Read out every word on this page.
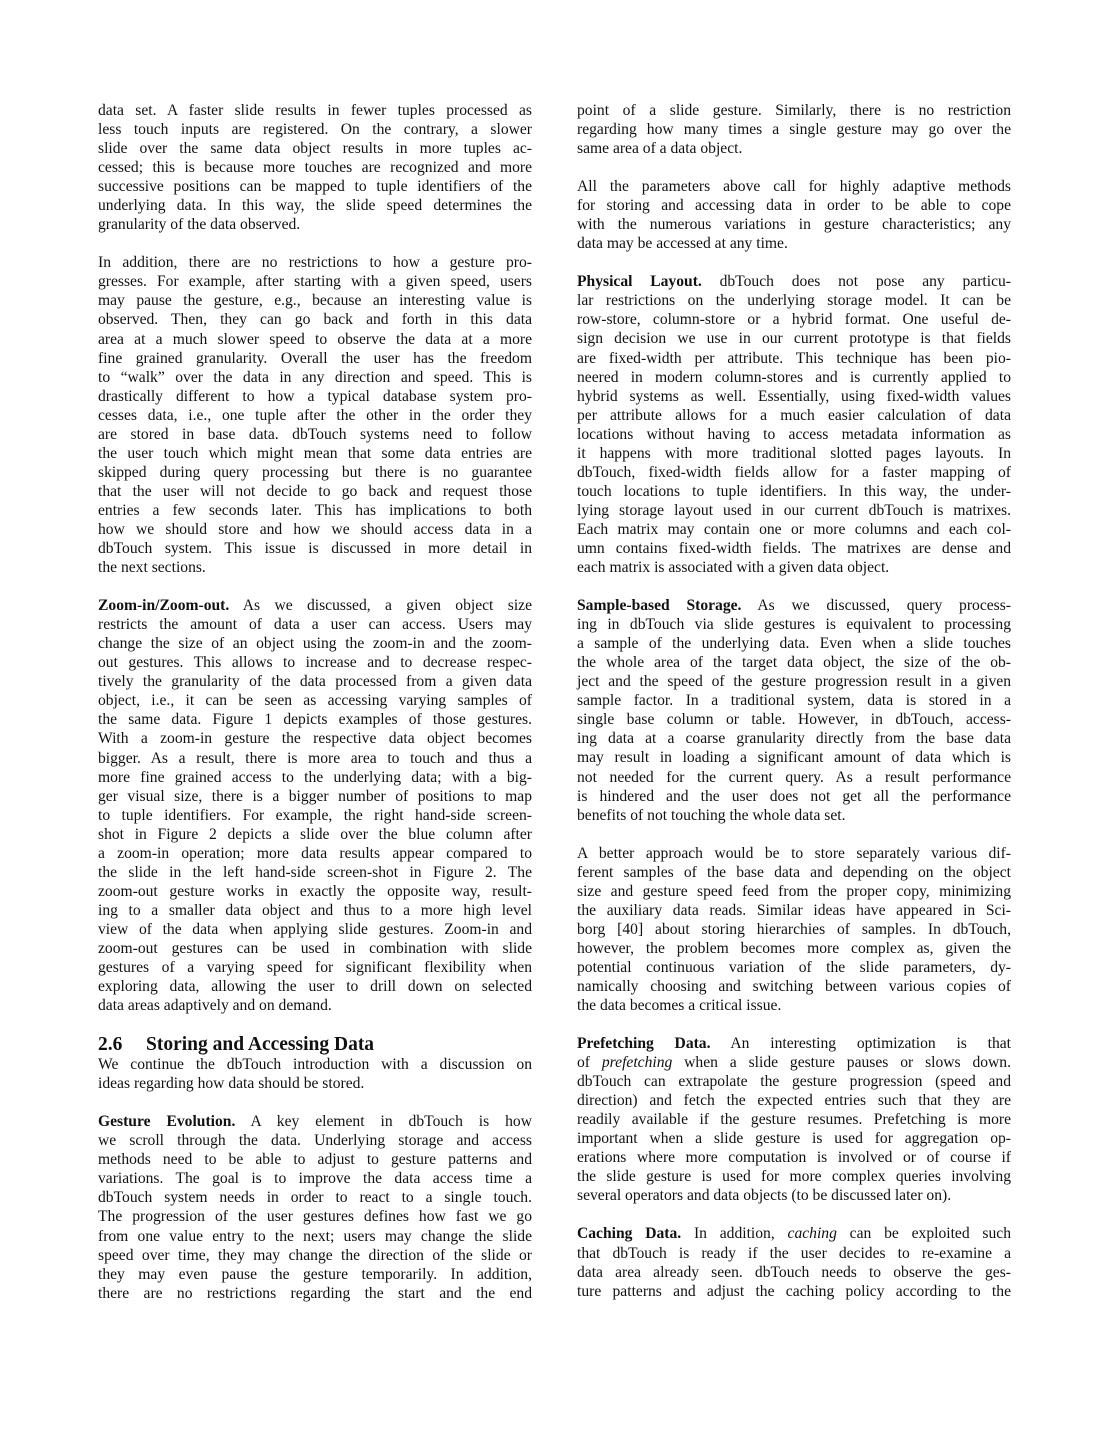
data set. A faster slide results in fewer tuples processed as
less touch inputs are registered. On the contrary, a slower
slide over the same data object results in more tuples ac-
cessed; this is because more touches are recognized and more
successive positions can be mapped to tuple identifiers of the
underlying data. In this way, the slide speed determines the
granularity of the data observed.
In addition, there are no restrictions to how a gesture pro-
gresses. For example, after starting with a given speed, users
may pause the gesture, e.g., because an interesting value is
observed. Then, they can go back and forth in this data
area at a much slower speed to observe the data at a more
fine grained granularity. Overall the user has the freedom
to “walk” over the data in any direction and speed. This is
drastically different to how a typical database system pro-
cesses data, i.e., one tuple after the other in the order they
are stored in base data. dbTouch systems need to follow
the user touch which might mean that some data entries are
skipped during query processing but there is no guarantee
that the user will not decide to go back and request those
entries a few seconds later. This has implications to both
how we should store and how we should access data in a
dbTouch system. This issue is discussed in more detail in
the next sections.
Zoom-in/Zoom-out. As we discussed, a given object size
restricts the amount of data a user can access. Users may
change the size of an object using the zoom-in and the zoom-
out gestures. This allows to increase and to decrease respec-
tively the granularity of the data processed from a given data
object, i.e., it can be seen as accessing varying samples of
the same data. Figure 1 depicts examples of those gestures.
With a zoom-in gesture the respective data object becomes
bigger. As a result, there is more area to touch and thus a
more fine grained access to the underlying data; with a big-
ger visual size, there is a bigger number of positions to map
to tuple identifiers. For example, the right hand-side screen-
shot in Figure 2 depicts a slide over the blue column after
a zoom-in operation; more data results appear compared to
the slide in the left hand-side screen-shot in Figure 2. The
zoom-out gesture works in exactly the opposite way, result-
ing to a smaller data object and thus to a more high level
view of the data when applying slide gestures. Zoom-in and
zoom-out gestures can be used in combination with slide
gestures of a varying speed for significant flexibility when
exploring data, allowing the user to drill down on selected
data areas adaptively and on demand.
2.6 Storing and Accessing Data
We continue the dbTouch introduction with a discussion on
ideas regarding how data should be stored.
Gesture Evolution. A key element in dbTouch is how
we scroll through the data. Underlying storage and access
methods need to be able to adjust to gesture patterns and
variations. The goal is to improve the data access time a
dbTouch system needs in order to react to a single touch.
The progression of the user gestures defines how fast we go
from one value entry to the next; users may change the slide
speed over time, they may change the direction of the slide or
they may even pause the gesture temporarily. In addition,
there are no restrictions regarding the start and the end
point of a slide gesture. Similarly, there is no restriction
regarding how many times a single gesture may go over the
same area of a data object.
All the parameters above call for highly adaptive methods
for storing and accessing data in order to be able to cope
with the numerous variations in gesture characteristics; any
data may be accessed at any time.
Physical Layout. dbTouch does not pose any particu-
lar restrictions on the underlying storage model. It can be
row-store, column-store or a hybrid format. One useful de-
sign decision we use in our current prototype is that fields
are fixed-width per attribute. This technique has been pio-
neered in modern column-stores and is currently applied to
hybrid systems as well. Essentially, using fixed-width values
per attribute allows for a much easier calculation of data
locations without having to access metadata information as
it happens with more traditional slotted pages layouts. In
dbTouch, fixed-width fields allow for a faster mapping of
touch locations to tuple identifiers. In this way, the under-
lying storage layout used in our current dbTouch is matrixes.
Each matrix may contain one or more columns and each col-
umn contains fixed-width fields. The matrixes are dense and
each matrix is associated with a given data object.
Sample-based Storage. As we discussed, query process-
ing in dbTouch via slide gestures is equivalent to processing
a sample of the underlying data. Even when a slide touches
the whole area of the target data object, the size of the ob-
ject and the speed of the gesture progression result in a given
sample factor. In a traditional system, data is stored in a
single base column or table. However, in dbTouch, access-
ing data at a coarse granularity directly from the base data
may result in loading a significant amount of data which is
not needed for the current query. As a result performance
is hindered and the user does not get all the performance
benefits of not touching the whole data set.
A better approach would be to store separately various dif-
ferent samples of the base data and depending on the object
size and gesture speed feed from the proper copy, minimizing
the auxiliary data reads. Similar ideas have appeared in Sci-
borg [40] about storing hierarchies of samples. In dbTouch,
however, the problem becomes more complex as, given the
potential continuous variation of the slide parameters, dy-
namically choosing and switching between various copies of
the data becomes a critical issue.
Prefetching Data. An interesting optimization is that
of prefetching when a slide gesture pauses or slows down.
dbTouch can extrapolate the gesture progression (speed and
direction) and fetch the expected entries such that they are
readily available if the gesture resumes. Prefetching is more
important when a slide gesture is used for aggregation op-
erations where more computation is involved or of course if
the slide gesture is used for more complex queries involving
several operators and data objects (to be discussed later on).
Caching Data. In addition, caching can be exploited such
that dbTouch is ready if the user decides to re-examine a
data area already seen. dbTouch needs to observe the ges-
ture patterns and adjust the caching policy according to the
